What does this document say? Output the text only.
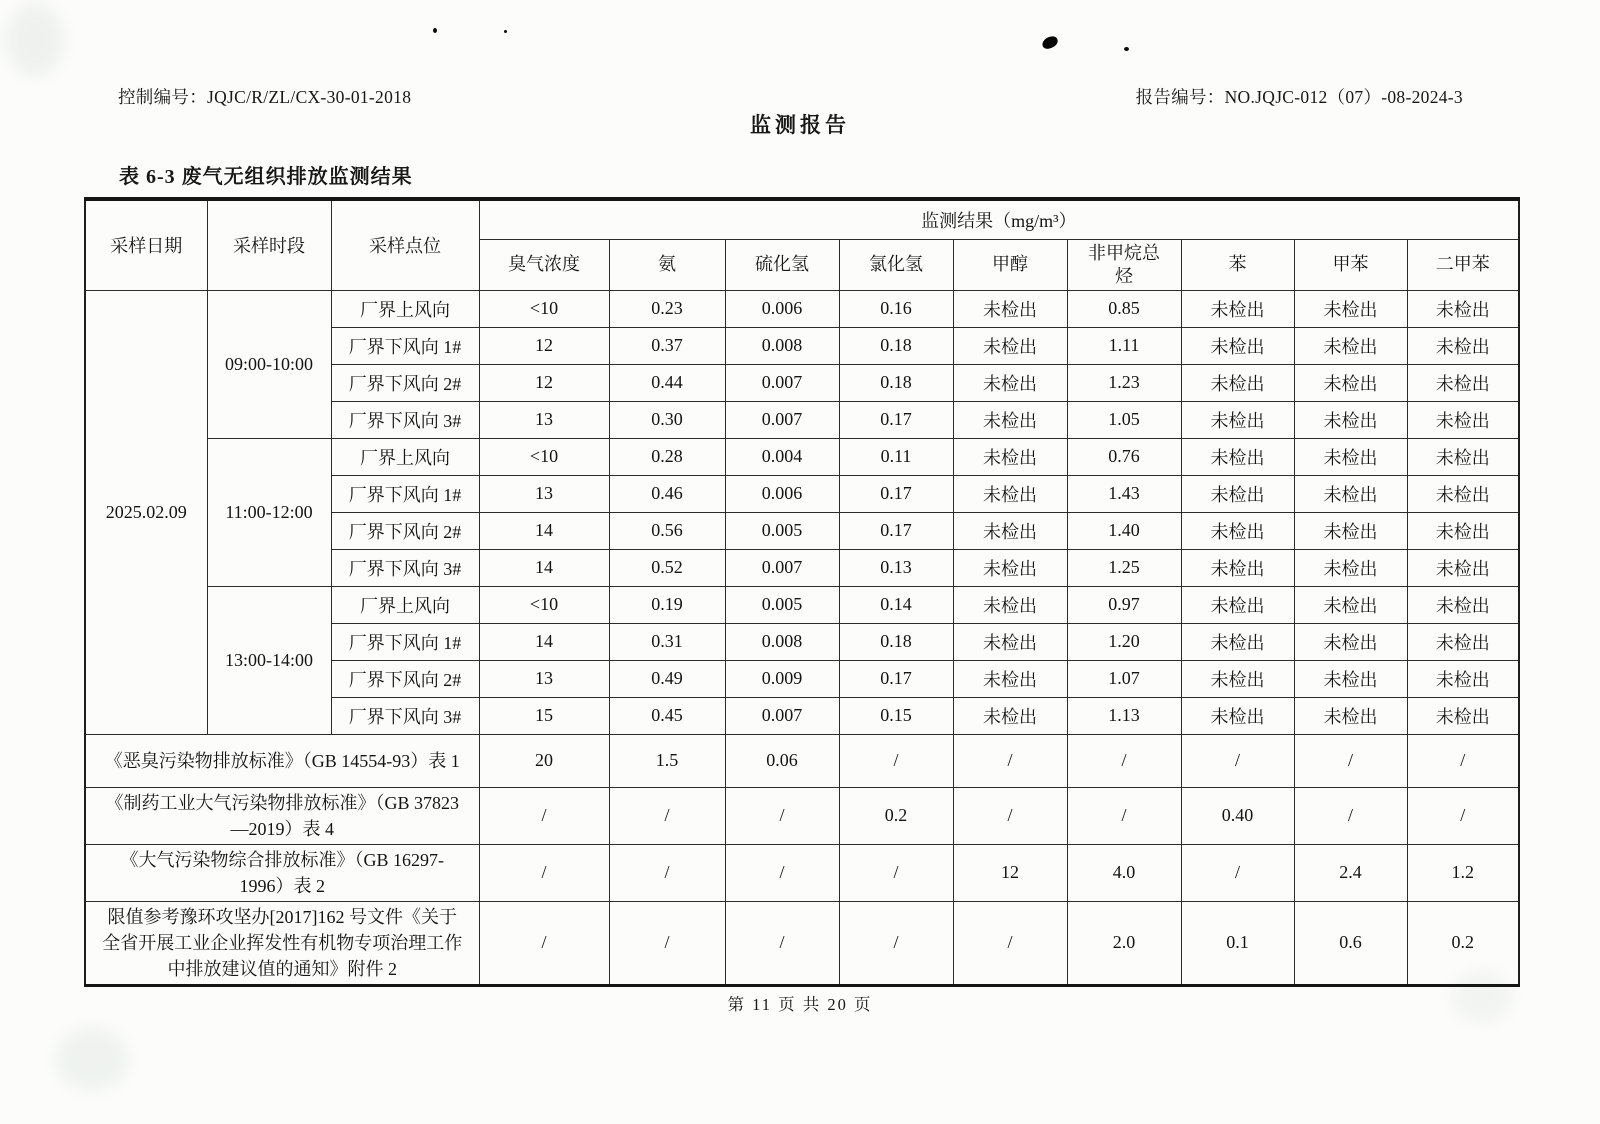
控制编号：JQJC/R/ZL/CX-30-01-2018	报告编号：NO.JQJC-012（07）-08-2024-3
监测报告
表 6-3 废气无组织排放监测结果
采样日期	采样时段	采样点位	监测结果（mg/m³）								
			臭气浓度	氨	硫化氢	氯化氢	甲醇	非甲烷总烃	苯	甲苯	二甲苯
2025.02.09	09:00-10:00	厂界上风向	<10	0.23	0.006	0.16	未检出	0.85	未检出	未检出	未检出
		厂界下风向 1#	12	0.37	0.008	0.18	未检出	1.11	未检出	未检出	未检出
		厂界下风向 2#	12	0.44	0.007	0.18	未检出	1.23	未检出	未检出	未检出
		厂界下风向 3#	13	0.30	0.007	0.17	未检出	1.05	未检出	未检出	未检出
	11:00-12:00	厂界上风向	<10	0.28	0.004	0.11	未检出	0.76	未检出	未检出	未检出
		厂界下风向 1#	13	0.46	0.006	0.17	未检出	1.43	未检出	未检出	未检出
		厂界下风向 2#	14	0.56	0.005	0.17	未检出	1.40	未检出	未检出	未检出
		厂界下风向 3#	14	0.52	0.007	0.13	未检出	1.25	未检出	未检出	未检出
	13:00-14:00	厂界上风向	<10	0.19	0.005	0.14	未检出	0.97	未检出	未检出	未检出
		厂界下风向 1#	14	0.31	0.008	0.18	未检出	1.20	未检出	未检出	未检出
		厂界下风向 2#	13	0.49	0.009	0.17	未检出	1.07	未检出	未检出	未检出
		厂界下风向 3#	15	0.45	0.007	0.15	未检出	1.13	未检出	未检出	未检出
《恶臭污染物排放标准》（GB 14554-93）表 1			20	1.5	0.06	/	/	/	/	/	/
《制药工业大气污染物排放标准》（GB 37823—2019）表 4			/	/	/	0.2	/	/	0.40	/	/
《大气污染物综合排放标准》（GB 16297-1996）表 2			/	/	/	/	12	4.0	/	2.4	1.2
限值参考豫环攻坚办[2017]162 号文件《关于全省开展工业企业挥发性有机物专项治理工作中排放建议值的通知》附件 2			/	/	/	/	/	2.0	0.1	0.6	0.2
第 11 页 共 20 页
